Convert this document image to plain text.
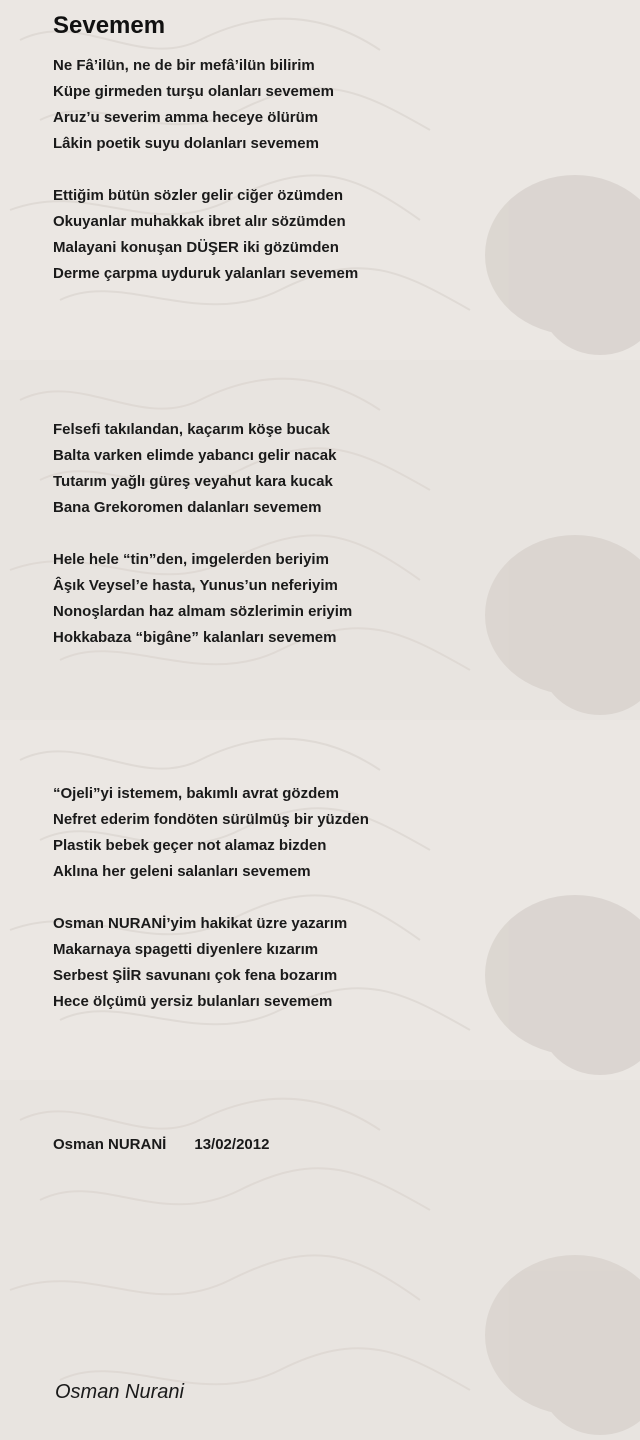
Sevemem
Ne Fâ’ilün, ne de bir mefâ’ilün bilirim
Küpe girmeden turşu olanları sevemem
Aruz’u severim amma heceye ölürüm
Lâkin poetik suyu dolanları sevemem
Ettiğim bütün sözler gelir ciğer özümden
Okuyanlar muhakkak ibret alır sözümden
Malayani konuşan DÜŞER iki gözümden
Derme çarpma uyduruk yalanları sevemem
Felsefi takılandan, kaçarım köşe bucak
Balta varken elimde yabancı gelir nacak
Tutarım yağlı güreş veyahut kara kucak
Bana Grekoromen dalanları sevemem
Hele hele “tin”den, imgelerden beriyim
Âşık Veysel’e hasta, Yunus’un neferiyim
Nonoşlardan haz almam sözlerimin eriyim
Hokkabaza “bigâne” kalanları sevemem
“Ojeli”yi istemem, bakımlı avrat gözdem
Nefret ederim fondöten sürülmüş bir yüzden
Plastik bebek geçer not alamaz bizden
Aklına her geleni salanları sevemem
Osman NURANİ’yim hakikat üzre yazarım
Makarnaya spagetti diyenlere kızarım
Serbest ŞİİR savunanı çok fena bozarım
Hece ölçümü yersiz bulanları sevemem
Osman NURANİ 13/02/2012
Osman Nurani
